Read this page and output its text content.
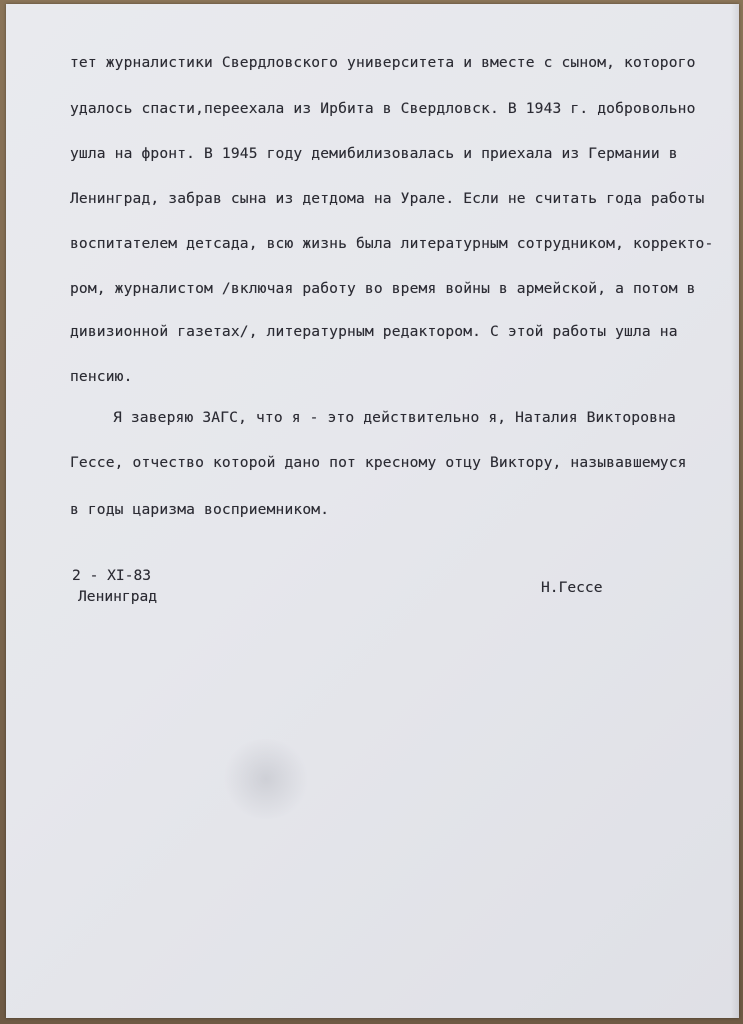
тет журналистики Свердловского университета и вместе с сыном, которого

удалось спасти,переехала из Ирбита в Свердловск. В 1943 г. добровольно

ушла на фронт. В 1945 году демибилизовалась и приехала из Германии в

Ленинград, забрав сына из детдома на Урале. Если не считать года работы

воспитателем детсада, всю жизнь была литературным сотрудником, корректо-

ром, журналистом /включая работу во время войны в армейской, а потом в

дивизионной газетах/, литературным редактором. С этой работы ушла на

пенсию.

Я заверяю ЗАГС, что я - это действительно я, Наталия Викторовна

Гессе, отчество которой дано пот кресному отцу Виктору, называвшемуся

в годы царизма восприемником.

2 - XI-83
Ленинград
Н.Гессе
